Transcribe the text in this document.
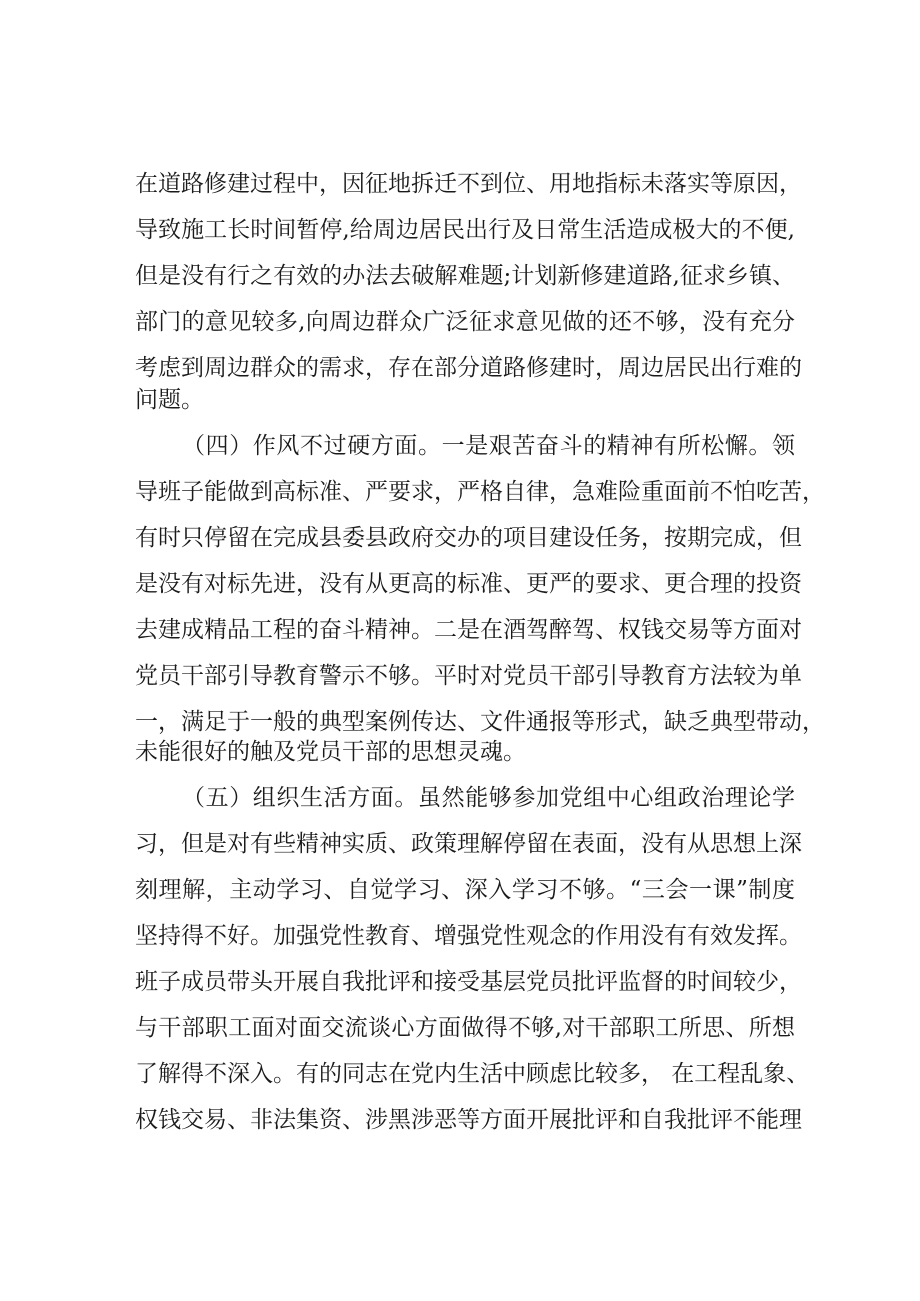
在道路修建过程中，因征地拆迁不到位、用地指标未落实等原因，
导致施工长时间暂停,给周边居民出行及日常生活造成极大的不便,
但是没有行之有效的办法去破解难题;计划新修建道路,征求乡镇、
部门的意见较多,向周边群众广泛征求意见做的还不够，没有充分
考虑到周边群众的需求，存在部分道路修建时，周边居民出行难的
问题。
（四）作风不过硬方面。一是艰苦奋斗的精神有所松懈。领
导班子能做到高标准、严要求，严格自律，急难险重面前不怕吃苦，
有时只停留在完成县委县政府交办的项目建设任务，按期完成，但
是没有对标先进，没有从更高的标准、更严的要求、更合理的投资
去建成精品工程的奋斗精神。二是在酒驾醉驾、权钱交易等方面对
党员干部引导教育警示不够。平时对党员干部引导教育方法较为单
一，满足于一般的典型案例传达、文件通报等形式，缺乏典型带动，
未能很好的触及党员干部的思想灵魂。
（五）组织生活方面。虽然能够参加党组中心组政治理论学
习，但是对有些精神实质、政策理解停留在表面，没有从思想上深
刻理解，主动学习、自觉学习、深入学习不够。“三会一课”制度
坚持得不好。加强党性教育、增强党性观念的作用没有有效发挥。
班子成员带头开展自我批评和接受基层党员批评监督的时间较少，
与干部职工面对面交流谈心方面做得不够,对干部职工所思、所想
了解得不深入。有的同志在党内生活中顾虑比较多， 在工程乱象、
权钱交易、非法集资、涉黑涉恶等方面开展批评和自我批评不能理
